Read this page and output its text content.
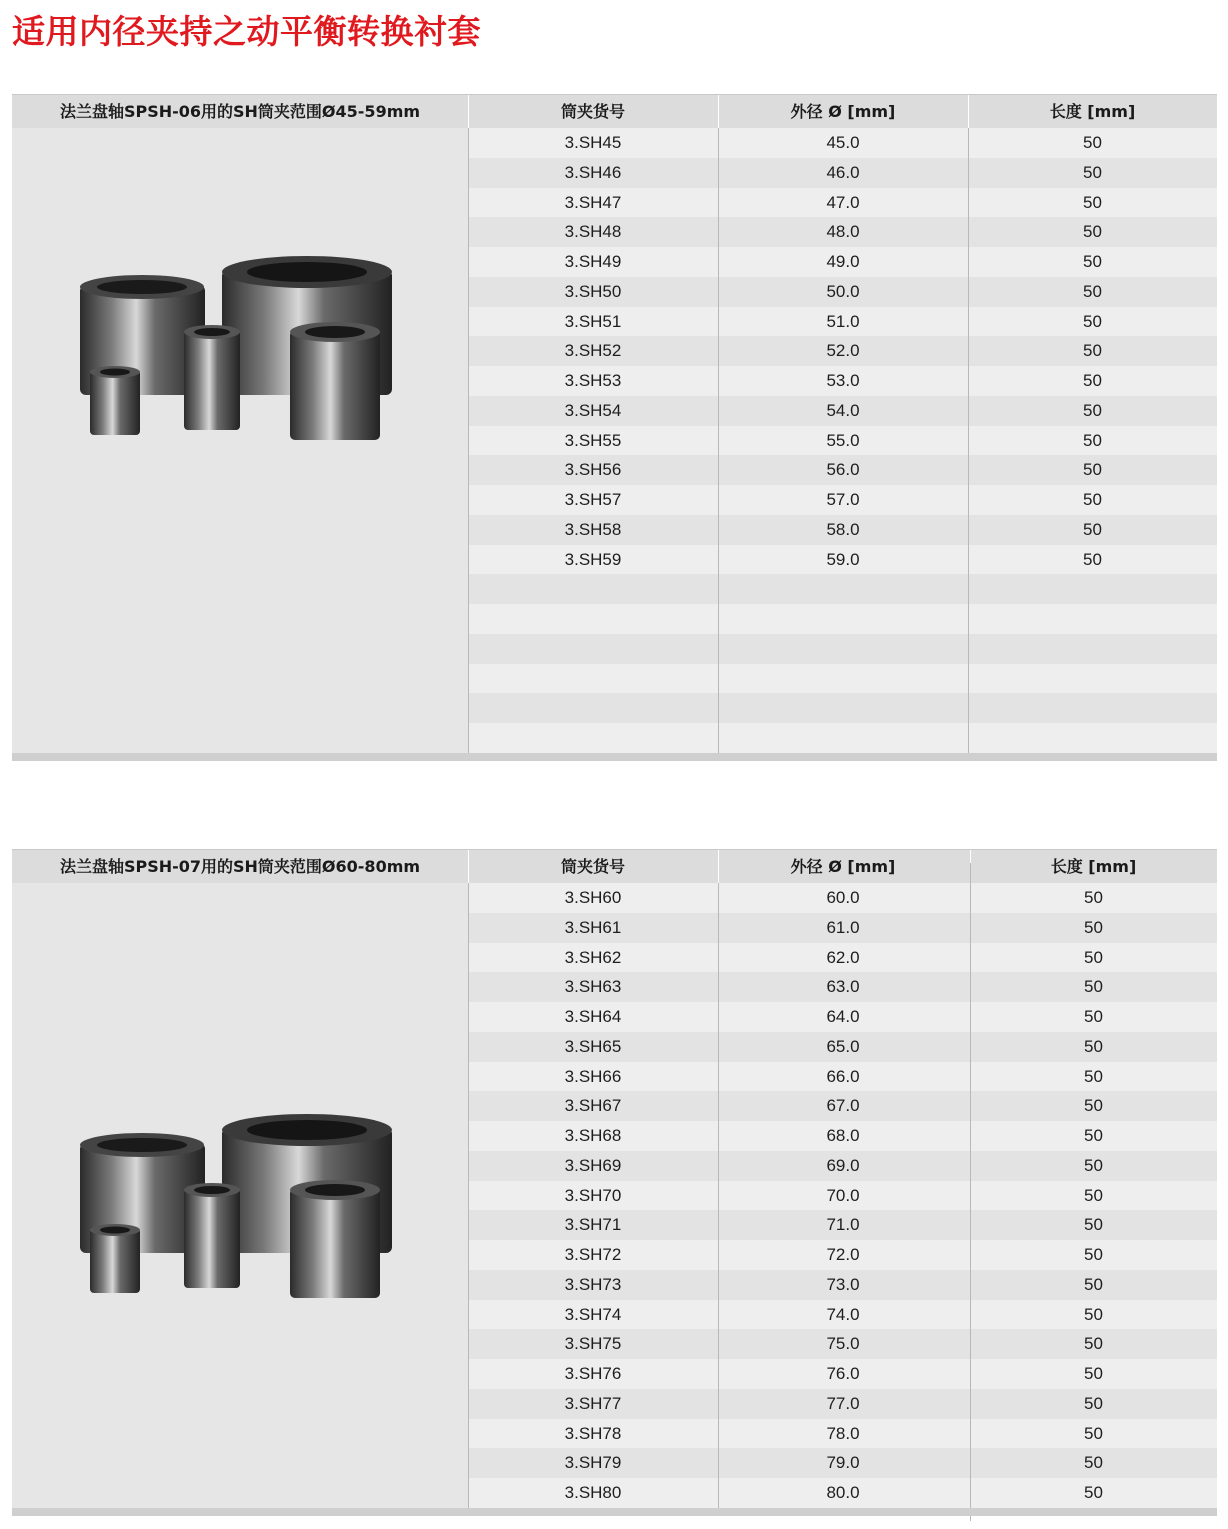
适用内径夹持之动平衡转换衬套
法兰盘轴SPSH-06用的SH筒夹范围Ø45-59mm	筒夹货号	外径 Ø [mm]	长度 [mm]
3.SH45	45.0	50
3.SH46	46.0	50
3.SH47	47.0	50
3.SH48	48.0	50
3.SH49	49.0	50
3.SH50	50.0	50
3.SH51	51.0	50
3.SH52	52.0	50
3.SH53	53.0	50
3.SH54	54.0	50
3.SH55	55.0	50
3.SH56	56.0	50
3.SH57	57.0	50
3.SH58	58.0	50
3.SH59	59.0	50
法兰盘轴SPSH-07用的SH筒夹范围Ø60-80mm	筒夹货号	外径 Ø [mm]	长度 [mm]
3.SH60	60.0	50
3.SH61	61.0	50
3.SH62	62.0	50
3.SH63	63.0	50
3.SH64	64.0	50
3.SH65	65.0	50
3.SH66	66.0	50
3.SH67	67.0	50
3.SH68	68.0	50
3.SH69	69.0	50
3.SH70	70.0	50
3.SH71	71.0	50
3.SH72	72.0	50
3.SH73	73.0	50
3.SH74	74.0	50
3.SH75	75.0	50
3.SH76	76.0	50
3.SH77	77.0	50
3.SH78	78.0	50
3.SH79	79.0	50
3.SH80	80.0	50
